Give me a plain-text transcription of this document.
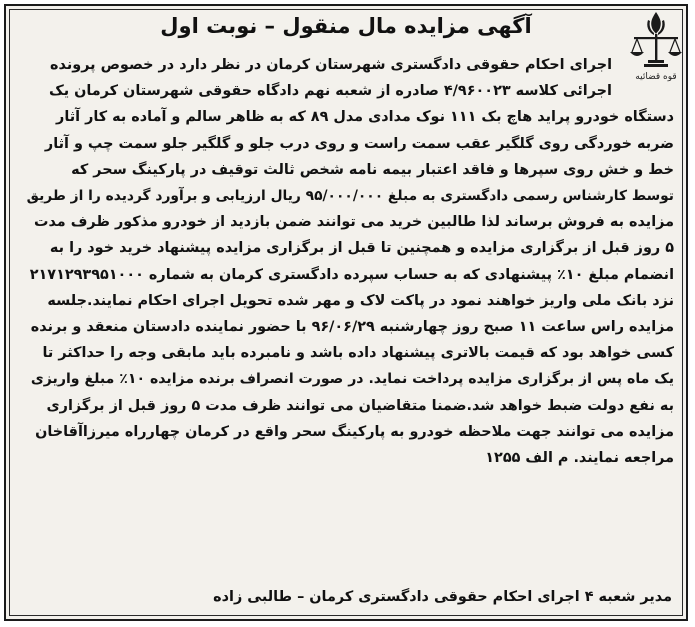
آگهی مزایده مال منقول – نوبت اول
قوه قضائیه
اجرای احکام حقوقی دادگستری شهرستان کرمان در نظر دارد در خصوص پرونده
اجرائی کلاسه ۴/۹۶۰۰۲۳ صادره از شعبه نهم دادگاه حقوقی شهرستان کرمان یک
دستگاه خودرو پراید هاچ بک ۱۱۱ نوک مدادی مدل ۸۹ که به ظاهر سالم و آماده به کار آثار
ضربه خوردگی روی گلگیر عقب سمت راست و روی درب جلو و گلگیر جلو سمت چپ و آثار
خط و خش روی سپرها و فاقد اعتبار بیمه نامه شخص ثالث توقیف در پارکینگ سحر که
توسط کارشناس رسمی دادگستری به مبلغ ۹۵/۰۰۰/۰۰۰ ریال ارزیابی و برآورد گردیده را از طریق
مزایده به فروش برساند لذا طالبین خرید می توانند ضمن بازدید از خودرو مذکور ظرف مدت
۵ روز قبل از برگزاری مزایده و همچنین تا قبل از برگزاری مزایده پیشنهاد خرید خود را به
انضمام مبلغ ۱۰٪ پیشنهادی که به حساب سپرده دادگستری کرمان به شماره ۲۱۷۱۲۹۳۹۵۱۰۰۰
نزد بانک ملی واریز خواهند نمود در پاکت لاک و مهر شده تحویل اجرای احکام نمایند.جلسه
مزایده راس ساعت ۱۱ صبح روز چهارشنبه ۹۶/۰۶/۲۹ با حضور نماینده دادستان منعقد و برنده
کسی خواهد بود که قیمت بالاتری پیشنهاد داده باشد و نامبرده باید مابقی وجه را حداکثر تا
یک ماه پس از برگزاری مزایده پرداخت نماید. در صورت انصراف برنده مزایده ۱۰٪ مبلغ واریزی
به نفع دولت ضبط خواهد شد.ضمنا متقاضیان می توانند ظرف مدت ۵ روز قبل از برگزاری
مزایده می توانند جهت ملاحظه خودرو به پارکینگ سحر واقع در کرمان چهارراه میرزاآقاخان
مراجعه نمایند. م الف ۱۲۵۵
مدیر شعبه ۴ اجرای احکام حقوقی دادگستری کرمان – طالبی زاده
